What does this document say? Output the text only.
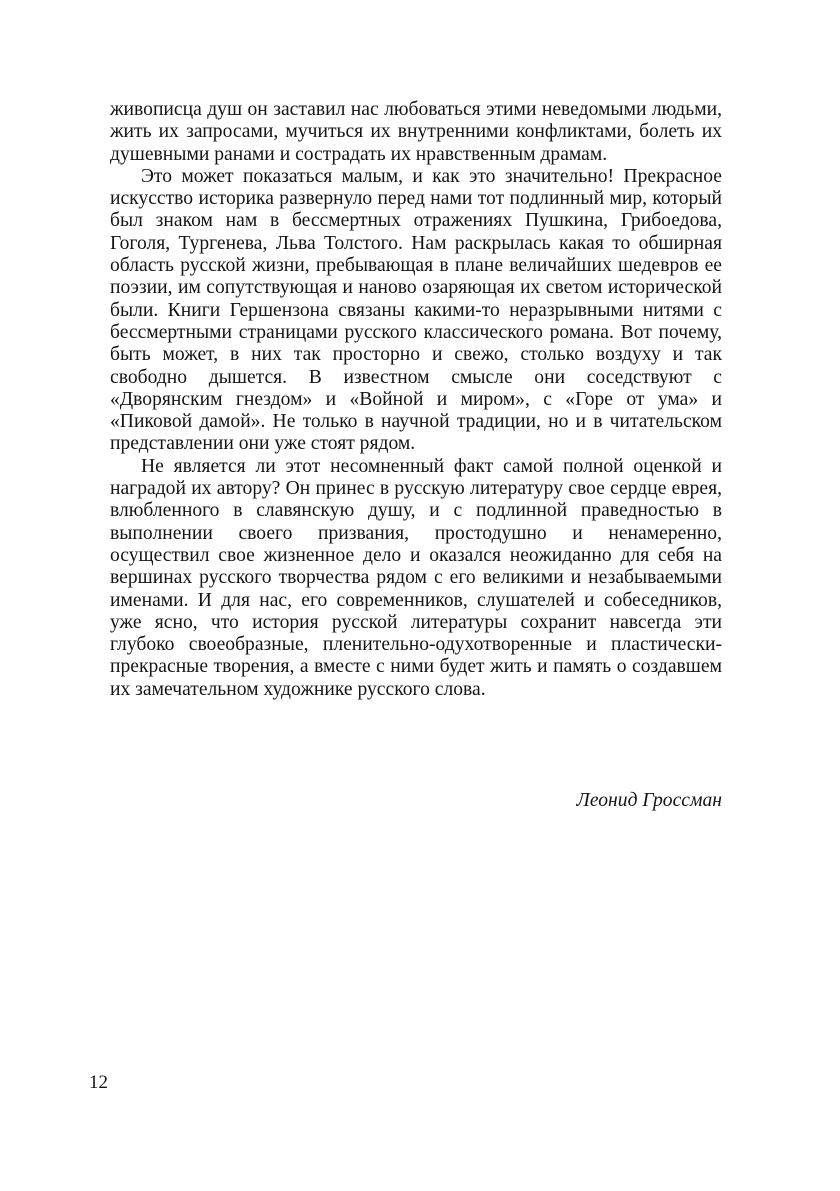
живописца душ он заставил нас любоваться этими неведомыми людьми, жить их запросами, мучиться их внутренними конфликтами, болеть их душевными ранами и сострадать их нравственным драмам.

Это может показаться малым, и как это значительно! Прекрасное искусство историка развернуло перед нами тот подлинный мир, который был знаком нам в бессмертных отражениях Пушкина, Грибоедова, Гоголя, Тургенева, Льва Толстого. Нам раскрылась какая то обширная область русской жизни, пребывающая в плане величайших шедевров ее поэзии, им сопутствующая и наново озаряющая их светом исторической были. Книги Гершензона связаны какими-то неразрывными нитями с бессмертными страницами русского классического романа. Вот почему, быть может, в них так просторно и свежо, столько воздуху и так свободно дышется. В известном смысле они соседствуют с «Дворянским гнездом» и «Войной и миром», с «Горе от ума» и «Пиковой дамой». Не только в научной традиции, но и в читательском представлении они уже стоят рядом.

Не является ли этот несомненный факт самой полной оценкой и наградой их автору? Он принес в русскую литературу свое сердце еврея, влюбленного в славянскую душу, и с подлинной праведностью в выполнении своего призвания, простодушно и ненамеренно, осуществил свое жизненное дело и оказался неожиданно для себя на вершинах русского творчества рядом с его великими и незабываемыми именами. И для нас, его современников, слушателей и собеседников, уже ясно, что история русской литературы сохранит навсегда эти глубоко своеобразные, пленительно-одухотворенные и пластически-прекрасные творения, а вместе с ними будет жить и память о создавшем их замечательном художнике русского слова.

Леонид Гроссман
12
